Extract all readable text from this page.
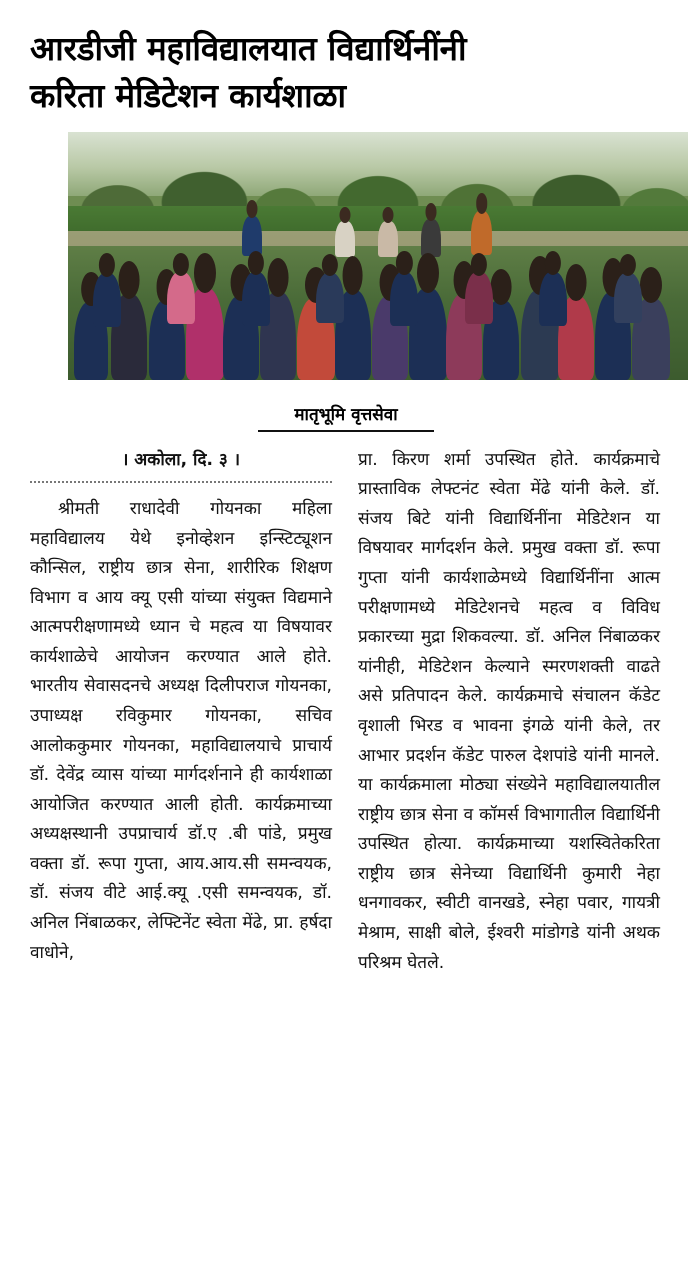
आरडीजी महाविद्यालयात विद्यार्थिनींनी
करिता मेडिटेशन कार्यशाळा
मातृभूमि वृत्तसेवा
। अकोला, दि. ३ ।

श्रीमती राधादेवी गोयनका महिला महाविद्यालय येथे इनोव्हेशन इन्स्टिट्यूशन कौन्सिल, राष्ट्रीय छात्र सेना, शारीरिक शिक्षण विभाग व आय क्यू एसी यांच्या संयुक्त विद्यमाने आत्मपरीक्षणामध्ये ध्यान चे महत्व या विषयावर कार्यशाळेचे आयोजन करण्यात आले होते. भारतीय सेवासदनचे अध्यक्ष दिलीपराज गोयनका, उपाध्यक्ष रविकुमार गोयनका, सचिव आलोककुमार गोयनका, महाविद्यालयाचे प्राचार्य डॉ. देवेंद्र व्यास यांच्या मार्गदर्शनाने ही कार्यशाळा आयोजित करण्यात आली होती. कार्यक्रमाच्या अध्यक्षस्थानी उपप्राचार्य डॉ.ए .बी पांडे, प्रमुख वक्ता डॉ. रूपा गुप्ता, आय.आय.सी समन्वयक, डॉ. संजय वीटे आई.क्यू .एसी समन्वयक, डॉ. अनिल निंबाळकर, लेफ्टिनेंट स्वेता मेंढे, प्रा. हर्षदा वाधोने,

प्रा. किरण शर्मा उपस्थित होते. कार्यक्रमाचे प्रास्ताविक लेफ्टनंट स्वेता मेंढे यांनी केले. डॉ. संजय बिटे यांनी विद्यार्थिनींना मेडिटेशन या विषयावर मार्गदर्शन केले. प्रमुख वक्ता डॉ. रूपा गुप्ता यांनी कार्यशाळेमध्ये विद्यार्थिनींना आत्म परीक्षणामध्ये मेडिटेशनचे महत्व व विविध प्रकारच्या मुद्रा शिकवल्या. डॉ. अनिल निंबाळकर यांनीही, मेडिटेशन केल्याने स्मरणशक्ती वाढते असे प्रतिपादन केले. कार्यक्रमाचे संचालन कॅडेट वृशाली भिरड व भावना इंगळे यांनी केले, तर आभार प्रदर्शन कॅडेट पारुल देशपांडे यांनी मानले. या कार्यक्रमाला मोठ्या संख्येने महाविद्यालयातील राष्ट्रीय छात्र सेना व कॉमर्स विभागातील विद्यार्थिनी उपस्थित होत्या. कार्यक्रमाच्या यशस्वितेकरिता राष्ट्रीय छात्र सेनेच्या विद्यार्थिनी कुमारी नेहा धनगावकर, स्वीटी वानखडे, स्नेहा पवार, गायत्री मेश्राम, साक्षी बोले, ईश्वरी मांडोगडे यांनी अथक परिश्रम घेतले.
